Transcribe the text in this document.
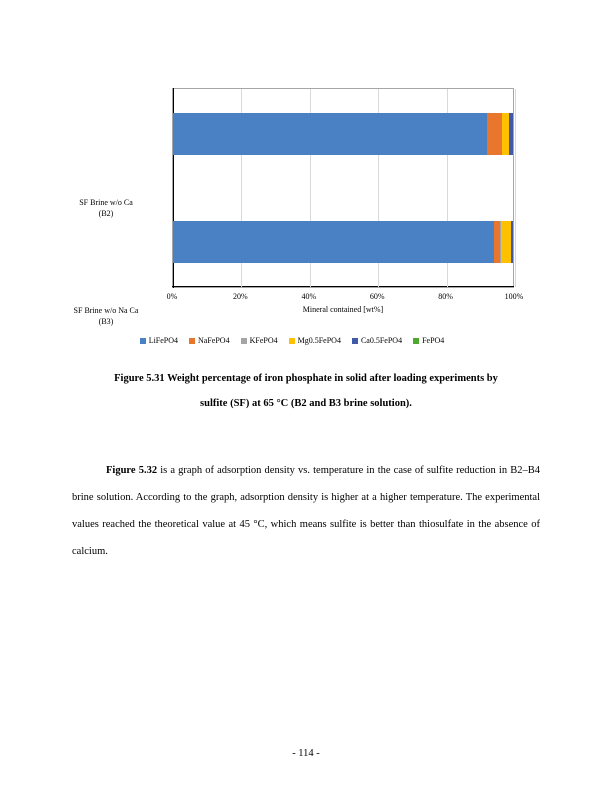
SF Brine w/o Ca
(B2)
SF Brine w/o Na Ca
(B3)
0%	20%	40%	60%	80%	100%
Mineral contained [wt%]
LiFePO4	NaFePO4	KFePO4	Mg0.5FePO4	Ca0.5FePO4	FePO4
Figure 5.31 Weight percentage of iron phosphate in solid after loading experiments by
sulfite (SF) at 65 °C (B2 and B3 brine solution).

Figure 5.32 is a graph of adsorption density vs. temperature in the case of sulfite reduction in B2–B4 brine solution. According to the graph, adsorption density is higher at a higher temperature. The experimental values reached the theoretical value at 45 °C, which means sulfite is better than thiosulfate in the absence of calcium.

- 114 -
